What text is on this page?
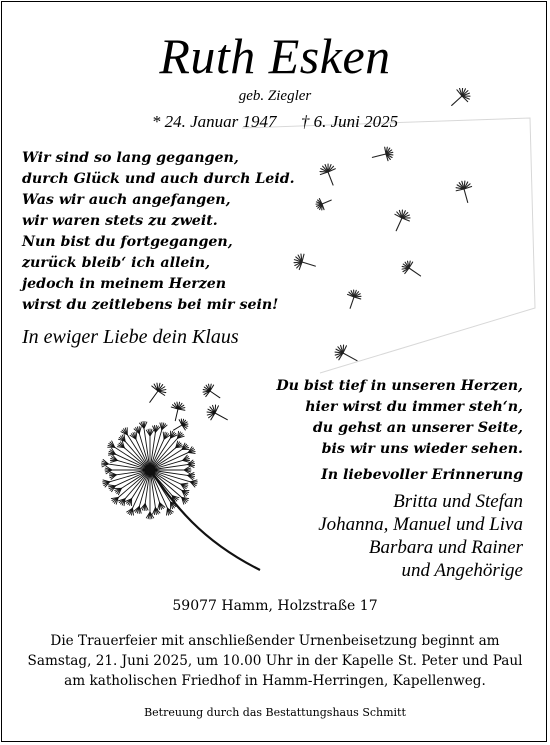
Ruth Esken
geb. Ziegler
* 24. Januar 1947 † 6. Juni 2025
Wir sind so lang gegangen,
durch Glück und auch durch Leid.
Was wir auch angefangen,
wir waren stets zu zweit.
Nun bist du fortgegangen,
zurück bleib‘ ich allein,
jedoch in meinem Herzen
wirst du zeitlebens bei mir sein!
In ewiger Liebe dein Klaus
Du bist tief in unseren Herzen,
hier wirst du immer steh‘n,
du gehst an unserer Seite,
bis wir uns wieder sehen.
In liebevoller Erinnerung
Britta und Stefan
Johanna, Manuel und Liva
Barbara und Rainer
und Angehörige
59077 Hamm, Holzstraße 17
Die Trauerfeier mit anschließender Urnenbeisetzung beginnt am
Samstag, 21. Juni 2025, um 10.00 Uhr in der Kapelle St. Peter und Paul
am katholischen Friedhof in Hamm-Herringen, Kapellenweg.
Betreuung durch das Bestattungshaus Schmitt
